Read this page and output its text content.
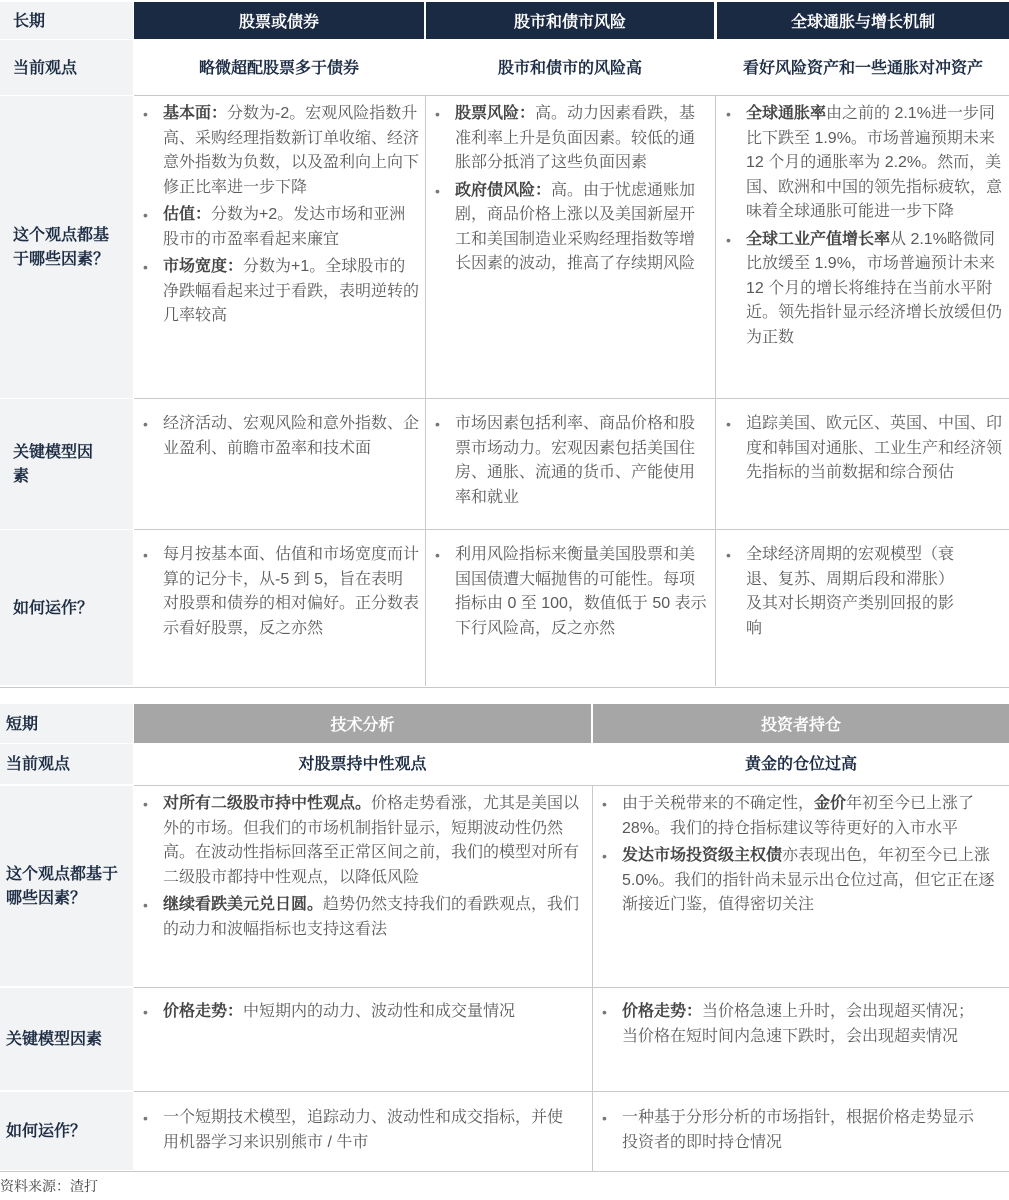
长期	股票或债券	股市和债市风险	全球通胀与增长机制
当前观点
这个观点都基于哪些因素？
关键模型因素
如何运作？
略微超配股票多于债券	股市和债市的风险高	看好风险资产和一些通胀对冲资产
• 基本面：分数为-2。宏观风险指数升高、采购经理指数新订单收缩、经济意外指数为负数，以及盈利向上向下修正比率进一步下降
• 估值：分数为+2。发达市场和亚洲股市的市盈率看起来廉宜
• 市场宽度：分数为+1。全球股市的净跌幅看起来过于看跌，表明逆转的几率较高
• 股票风险：高。动力因素看跌，基准利率上升是负面因素。较低的通胀部分抵消了这些负面因素
• 政府债风险：高。由于忧虑通账加剧，商品价格上涨以及美国新屋开工和美国制造业采购经理指数等增长因素的波动，推高了存续期风险
• 全球通胀率由之前的 2.1%进一步同比下跌至 1.9%。市场普遍预期未来 12 个月的通胀率为 2.2%。然而，美国、欧洲和中国的领先指标疲软，意味着全球通胀可能进一步下降
• 全球工业产值增长率从 2.1%略微同比放缓至 1.9%，市场普遍预计未来 12 个月的增长将维持在当前水平附近。领先指针显示经济增长放缓但仍为正数
• 经济活动、宏观风险和意外指数、企业盈利、前瞻市盈率和技术面
• 市场因素包括利率、商品价格和股票市场动力。宏观因素包括美国住房、通胀、流通的货币、产能使用率和就业
• 追踪美国、欧元区、英国、中国、印度和韩国对通胀、工业生产和经济领先指标的当前数据和综合预估
• 每月按基本面、估值和市场宽度而计算的记分卡，从-5 到 5，旨在表明对股票和债券的相对偏好。正分数表示看好股票，反之亦然
• 利用风险指标来衡量美国股票和美国国债遭大幅抛售的可能性。每项指标由 0 至 100，数值低于 50 表示下行风险高，反之亦然
• 全球经济周期的宏观模型（衰退、复苏、周期后段和滞胀）及其对长期资产类别回报的影响
短期	技术分析	投资者持仓
当前观点
这个观点都基于哪些因素？
关键模型因素
如何运作？
对股票持中性观点	黄金的仓位过高
• 对所有二级股市持中性观点。价格走势看涨，尤其是美国以外的市场。但我们的市场机制指针显示，短期波动性仍然高。在波动性指标回落至正常区间之前，我们的模型对所有二级股市都持中性观点，以降低风险
• 继续看跌美元兑日圆。趋势仍然支持我们的看跌观点，我们的动力和波幅指标也支持这看法
• 由于关税带来的不确定性，金价年初至今已上涨了 28%。我们的持仓指标建议等待更好的入市水平
• 发达市场投资级主权债亦表现出色，年初至今已上涨 5.0%。我们的指针尚未显示出仓位过高，但它正在逐渐接近门鉴，值得密切关注
• 价格走势：中短期内的动力、波动性和成交量情况
•	价格走势：当价格急速上升时，会出现超买情况；当价格在短时间内急速下跌时，会出现超卖情况
• 一个短期技术模型，追踪动力、波动性和成交指标，并使用机器学习来识别熊市 / 牛市
• 一种基于分形分析的市场指针，根据价格走势显示投资者的即时持仓情况
资料来源：渣打
